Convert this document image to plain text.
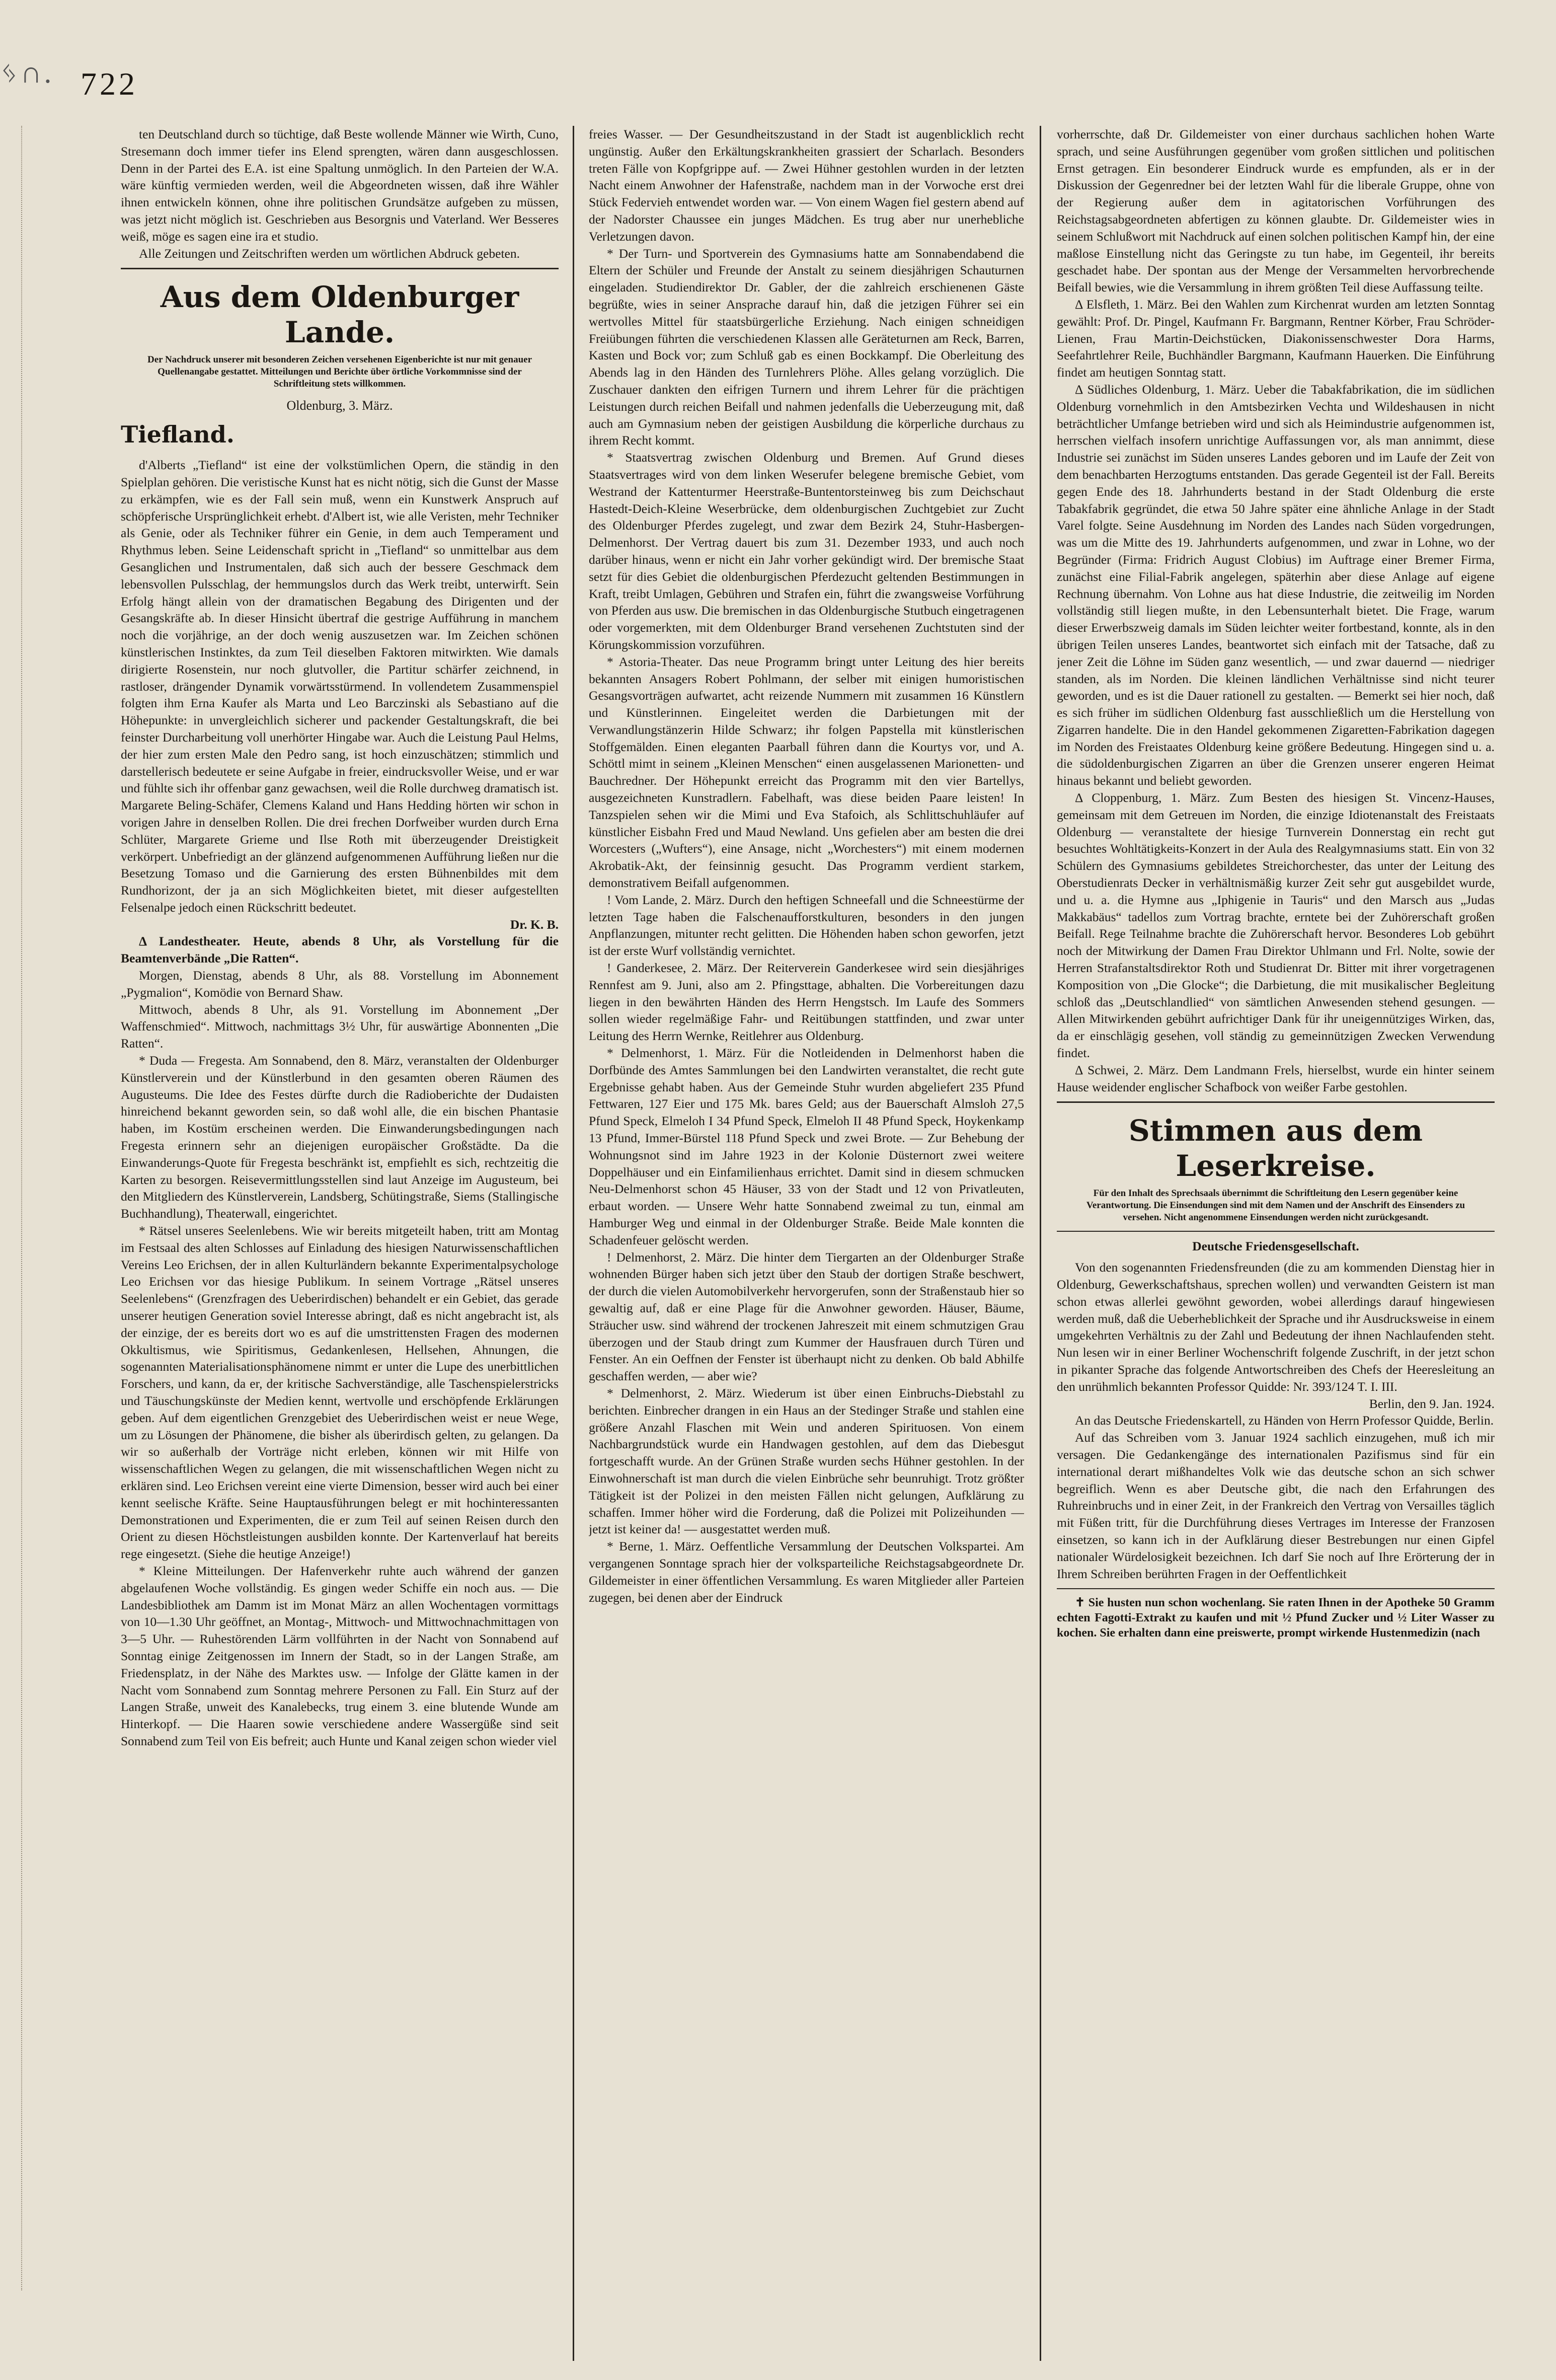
ᛃ∩. 722

ten Deutschland durch so tüchtige, daß Beste wollende Männer wie Wirth, Cuno, Stresemann doch immer tiefer ins Elend sprengten, wären dann ausgeschlossen. Denn in der Partei des E.A. ist eine Spaltung unmöglich. In den Parteien der W.A. wäre künftig vermieden werden, weil die Abgeordneten wissen, daß ihre Wähler ihnen entwickeln können, ohne ihre politischen Grundsätze aufgeben zu müssen, was jetzt nicht möglich ist. Geschrieben aus Besorgnis und Vaterland. Wer Besseres weiß, möge es sagen eine ira et studio.

Alle Zeitungen und Zeitschriften werden um wörtlichen Abdruck gebeten.

Aus dem Oldenburger Lande.
Der Nachdruck unserer mit besonderen Zeichen versehenen Eigenberichte ist nur mit genauer Quellenangabe gestattet. Mitteilungen und Berichte über örtliche Vorkommnisse sind der Schriftleitung stets willkommen.
Oldenburg, 3. März.
Tiefland.

d'Alberts „Tiefland“ ist eine der volkstümlichen Opern, die ständig in den Spielplan gehören. Die veristische Kunst hat es nicht nötig, sich die Gunst der Masse zu erkämpfen, wie es der Fall sein muß, wenn ein Kunstwerk Anspruch auf schöpferische Ursprünglichkeit erhebt. d'Albert ist, wie alle Veristen, mehr Techniker als Genie, oder als Techniker führer ein Genie, in dem auch Temperament und Rhythmus leben. Seine Leidenschaft spricht in „Tiefland“ so unmittelbar aus dem Gesanglichen und Instrumentalen, daß sich auch der bessere Geschmack dem lebensvollen Pulsschlag, der hemmungslos durch das Werk treibt, unterwirft. Sein Erfolg hängt allein von der dramatischen Begabung des Dirigenten und der Gesangskräfte ab. In dieser Hinsicht übertraf die gestrige Aufführung in manchem noch die vorjährige, an der doch wenig auszusetzen war. Im Zeichen schönen künstlerischen Instinktes, da zum Teil dieselben Faktoren mitwirkten. Wie damals dirigierte Rosenstein, nur noch glutvoller, die Partitur schärfer zeichnend, in rastloser, drängender Dynamik vorwärtsstürmend. In vollendetem Zusammenspiel folgten ihm Erna Kaufer als Marta und Leo Barczinski als Sebastiano auf die Höhepunkte: in unvergleichlich sicherer und packender Gestaltungskraft, die bei feinster Durcharbeitung voll unerhörter Hingabe war. Auch die Leistung Paul Helms, der hier zum ersten Male den Pedro sang, ist hoch einzuschätzen; stimmlich und darstellerisch bedeutete er seine Aufgabe in freier, eindrucksvoller Weise, und er war und fühlte sich ihr offenbar ganz gewachsen, weil die Rolle durchweg dramatisch ist. Margarete Beling-Schäfer, Clemens Kaland und Hans Hedding hörten wir schon in vorigen Jahre in denselben Rollen. Die drei frechen Dorfweiber wurden durch Erna Schlüter, Margarete Grieme und Ilse Roth mit überzeugender Dreistigkeit verkörpert. Unbefriedigt an der glänzend aufgenommenen Aufführung ließen nur die Besetzung Tomaso und die Garnierung des ersten Bühnenbildes mit dem Rundhorizont, der ja an sich Möglichkeiten bietet, mit dieser aufgestellten Felsenalpe jedoch einen Rückschritt bedeutet.

Dr. K. B.

Δ Landestheater. Heute, abends 8 Uhr, als Vorstellung für die Beamtenverbände „Die Ratten“.

Morgen, Dienstag, abends 8 Uhr, als 88. Vorstellung im Abonnement „Pygmalion“, Komödie von Bernard Shaw.

Mittwoch, abends 8 Uhr, als 91. Vorstellung im Abonnement „Der Waffenschmied“. Mittwoch, nachmittags 3½ Uhr, für auswärtige Abonnenten „Die Ratten“.

* Duda — Fregesta. Am Sonnabend, den 8. März, veranstalten der Oldenburger Künstlerverein und der Künstlerbund in den gesamten oberen Räumen des Augusteums. Die Idee des Festes dürfte durch die Radioberichte der Dudaisten hinreichend bekannt geworden sein, so daß wohl alle, die ein bischen Phantasie haben, im Kostüm erscheinen werden. Die Einwanderungsbedingungen nach Fregesta erinnern sehr an diejenigen europäischer Großstädte. Da die Einwanderungs-Quote für Fregesta beschränkt ist, empfiehlt es sich, rechtzeitig die Karten zu besorgen. Reisevermittlungsstellen sind laut Anzeige im Augusteum, bei den Mitgliedern des Künstlerverein, Landsberg, Schütingstraße, Siems (Stallingische Buchhandlung), Theaterwall, eingerichtet.

* Rätsel unseres Seelenlebens. Wie wir bereits mitgeteilt haben, tritt am Montag im Festsaal des alten Schlosses auf Einladung des hiesigen Naturwissenschaftlichen Vereins Leo Erichsen, der in allen Kulturländern bekannte Experimentalpsychologe Leo Erichsen vor das hiesige Publikum. In seinem Vortrage „Rätsel unseres Seelenlebens“ (Grenzfragen des Ueberirdischen) behandelt er ein Gebiet, das gerade unserer heutigen Generation soviel Interesse abringt, daß es nicht angebracht ist, als der einzige, der es bereits dort wo es auf die umstrittensten Fragen des modernen Okkultismus, wie Spiritismus, Gedankenlesen, Hellsehen, Ahnungen, die sogenannten Materialisationsphänomene nimmt er unter die Lupe des unerbittlichen Forschers, und kann, da er, der kritische Sachverständige, alle Taschenspielerstricks und Täuschungskünste der Medien kennt, wertvolle und erschöpfende Erklärungen geben. Auf dem eigentlichen Grenzgebiet des Ueberirdischen weist er neue Wege, um zu Lösungen der Phänomene, die bisher als überirdisch gelten, zu gelangen. Da wir so außerhalb der Vorträge nicht erleben, können wir mit Hilfe von wissenschaftlichen Wegen zu gelangen, die mit wissenschaftlichen Wegen nicht zu erklären sind. Leo Erichsen vereint eine vierte Dimension, besser wird auch bei einer kennt seelische Kräfte. Seine Hauptausführungen belegt er mit hochinteressanten Demonstrationen und Experimenten, die er zum Teil auf seinen Reisen durch den Orient zu diesen Höchstleistungen ausbilden konnte. Der Kartenverlauf hat bereits rege eingesetzt. (Siehe die heutige Anzeige!)

* Kleine Mitteilungen. Der Hafenverkehr ruhte auch während der ganzen abgelaufenen Woche vollständig. Es gingen weder Schiffe ein noch aus. — Die Landesbibliothek am Damm ist im Monat März an allen Wochentagen vormittags von 10—1.30 Uhr geöffnet, an Montag-, Mittwoch- und Mittwochnachmittagen von 3—5 Uhr. — Ruhestörenden Lärm vollführten in der Nacht von Sonnabend auf Sonntag einige Zeitgenossen im Innern der Stadt, so in der Langen Straße, am Friedensplatz, in der Nähe des Marktes usw. — Infolge der Glätte kamen in der Nacht vom Sonnabend zum Sonntag mehrere Personen zu Fall. Ein Sturz auf der Langen Straße, unweit des Kanalebecks, trug einem 3. eine blutende Wunde am Hinterkopf. — Die Haaren sowie verschiedene andere Wassergüße sind seit Sonnabend zum Teil von Eis befreit; auch Hunte und Kanal zeigen schon wieder viel

freies Wasser. — Der Gesundheitszustand in der Stadt ist augenblicklich recht ungünstig. Außer den Erkältungskrankheiten grassiert der Scharlach. Besonders treten Fälle von Kopfgrippe auf. — Zwei Hühner gestohlen wurden in der letzten Nacht einem Anwohner der Hafenstraße, nachdem man in der Vorwoche erst drei Stück Federvieh entwendet worden war. — Von einem Wagen fiel gestern abend auf der Nadorster Chaussee ein junges Mädchen. Es trug aber nur unerhebliche Verletzungen davon.

* Der Turn- und Sportverein des Gymnasiums hatte am Sonnabendabend die Eltern der Schüler und Freunde der Anstalt zu seinem diesjährigen Schauturnen eingeladen. Studiendirektor Dr. Gabler, der die zahlreich erschienenen Gäste begrüßte, wies in seiner Ansprache darauf hin, daß die jetzigen Führer sei ein wertvolles Mittel für staatsbürgerliche Erziehung. Nach einigen schneidigen Freiübungen führten die verschiedenen Klassen alle Geräteturnen am Reck, Barren, Kasten und Bock vor; zum Schluß gab es einen Bockkampf. Die Oberleitung des Abends lag in den Händen des Turnlehrers Plöhe. Alles gelang vorzüglich. Die Zuschauer dankten den eifrigen Turnern und ihrem Lehrer für die prächtigen Leistungen durch reichen Beifall und nahmen jedenfalls die Ueberzeugung mit, daß auch am Gymnasium neben der geistigen Ausbildung die körperliche durchaus zu ihrem Recht kommt.

* Staatsvertrag zwischen Oldenburg und Bremen. Auf Grund dieses Staatsvertrages wird von dem linken Weserufer belegene bremische Gebiet, vom Westrand der Kattenturmer Heerstraße-Buntentorsteinweg bis zum Deichschaut Hastedt-Deich-Kleine Weserbrücke, dem oldenburgischen Zuchtgebiet zur Zucht des Oldenburger Pferdes zugelegt, und zwar dem Bezirk 24, Stuhr-Hasbergen-Delmenhorst. Der Vertrag dauert bis zum 31. Dezember 1933, und auch noch darüber hinaus, wenn er nicht ein Jahr vorher gekündigt wird. Der bremische Staat setzt für dies Gebiet die oldenburgischen Pferdezucht geltenden Bestimmungen in Kraft, treibt Umlagen, Gebühren und Strafen ein, führt die zwangsweise Vorführung von Pferden aus usw. Die bremischen in das Oldenburgische Stutbuch eingetragenen oder vorgemerkten, mit dem Oldenburger Brand versehenen Zuchtstuten sind der Körungskommission vorzuführen.

* Astoria-Theater. Das neue Programm bringt unter Leitung des hier bereits bekannten Ansagers Robert Pohlmann, der selber mit einigen humoristischen Gesangsvorträgen aufwartet, acht reizende Nummern mit zusammen 16 Künstlern und Künstlerinnen. Eingeleitet werden die Darbietungen mit der Verwandlungstänzerin Hilde Schwarz; ihr folgen Papstella mit künstlerischen Stoffgemälden. Einen eleganten Paarball führen dann die Kourtys vor, und A. Schöttl mimt in seinem „Kleinen Menschen“ einen ausgelassenen Marionetten- und Bauchredner. Der Höhepunkt erreicht das Programm mit den vier Bartellys, ausgezeichneten Kunstradlern. Fabelhaft, was diese beiden Paare leisten! In Tanzspielen sehen wir die Mimi und Eva Stafoich, als Schlittschuhläufer auf künstlicher Eisbahn Fred und Maud Newland. Uns gefielen aber am besten die drei Worcesters („Wufters“), eine Ansage, nicht „Worchesters“) mit einem modernen Akrobatik-Akt, der feinsinnig gesucht. Das Programm verdient starkem, demonstrativem Beifall aufgenommen.

! Vom Lande, 2. März. Durch den heftigen Schneefall und die Schneestürme der letzten Tage haben die Falschenaufforstkulturen, besonders in den jungen Anpflanzungen, mitunter recht gelitten. Die Höhenden haben schon geworfen, jetzt ist der erste Wurf vollständig vernichtet.

! Ganderkesee, 2. März. Der Reiterverein Ganderkesee wird sein diesjähriges Rennfest am 9. Juni, also am 2. Pfingsttage, abhalten. Die Vorbereitungen dazu liegen in den bewährten Händen des Herrn Hengstsch. Im Laufe des Sommers sollen wieder regelmäßige Fahr- und Reitübungen stattfinden, und zwar unter Leitung des Herrn Wernke, Reitlehrer aus Oldenburg.

* Delmenhorst, 1. März. Für die Notleidenden in Delmenhorst haben die Dorfbünde des Amtes Sammlungen bei den Landwirten veranstaltet, die recht gute Ergebnisse gehabt haben. Aus der Gemeinde Stuhr wurden abgeliefert 235 Pfund Fettwaren, 127 Eier und 175 Mk. bares Geld; aus der Bauerschaft Almsloh 27,5 Pfund Speck, Elmeloh I 34 Pfund Speck, Elmeloh II 48 Pfund Speck, Hoykenkamp 13 Pfund, Immer-Bürstel 118 Pfund Speck und zwei Brote. — Zur Behebung der Wohnungsnot sind im Jahre 1923 in der Kolonie Düsternort zwei weitere Doppelhäuser und ein Einfamilienhaus errichtet. Damit sind in diesem schmucken Neu-Delmenhorst schon 45 Häuser, 33 von der Stadt und 12 von Privatleuten, erbaut worden. — Unsere Wehr hatte Sonnabend zweimal zu tun, einmal am Hamburger Weg und einmal in der Oldenburger Straße. Beide Male konnten die Schadenfeuer gelöscht werden.

! Delmenhorst, 2. März. Die hinter dem Tiergarten an der Oldenburger Straße wohnenden Bürger haben sich jetzt über den Staub der dortigen Straße beschwert, der durch die vielen Automobilverkehr hervorgerufen, sonn der Straßenstaub hier so gewaltig auf, daß er eine Plage für die Anwohner geworden. Häuser, Bäume, Sträucher usw. sind während der trockenen Jahreszeit mit einem schmutzigen Grau überzogen und der Staub dringt zum Kummer der Hausfrauen durch Türen und Fenster. An ein Oeffnen der Fenster ist überhaupt nicht zu denken. Ob bald Abhilfe geschaffen werden, — aber wie?

* Delmenhorst, 2. März. Wiederum ist über einen Einbruchs-Diebstahl zu berichten. Einbrecher drangen in ein Haus an der Stedinger Straße und stahlen eine größere Anzahl Flaschen mit Wein und anderen Spirituosen. Von einem Nachbargrundstück wurde ein Handwagen gestohlen, auf dem das Diebesgut fortgeschafft wurde. An der Grünen Straße wurden sechs Hühner gestohlen. In der Einwohnerschaft ist man durch die vielen Einbrüche sehr beunruhigt. Trotz größter Tätigkeit ist der Polizei in den meisten Fällen nicht gelungen, Aufklärung zu schaffen. Immer höher wird die Forderung, daß die Polizei mit Polizeihunden — jetzt ist keiner da! — ausgestattet werden muß.

* Berne, 1. März. Oeffentliche Versammlung der Deutschen Volkspartei. Am vergangenen Sonntage sprach hier der volksparteiliche Reichstagsabgeordnete Dr. Gildemeister in einer öffentlichen Versammlung. Es waren Mitglieder aller Parteien zugegen, bei denen aber der Eindruck

vorherrschte, daß Dr. Gildemeister von einer durchaus sachlichen hohen Warte sprach, und seine Ausführungen gegenüber vom großen sittlichen und politischen Ernst getragen. Ein besonderer Eindruck wurde es empfunden, als er in der Diskussion der Gegenredner bei der letzten Wahl für die liberale Gruppe, ohne von der Regierung außer dem in agitatorischen Vorführungen des Reichstagsabgeordneten abfertigen zu können glaubte. Dr. Gildemeister wies in seinem Schlußwort mit Nachdruck auf einen solchen politischen Kampf hin, der eine maßlose Einstellung nicht das Geringste zu tun habe, im Gegenteil, ihr bereits geschadet habe. Der spontan aus der Menge der Versammelten hervorbrechende Beifall bewies, wie die Versammlung in ihrem größten Teil diese Auffassung teilte.

Δ Elsfleth, 1. März. Bei den Wahlen zum Kirchenrat wurden am letzten Sonntag gewählt: Prof. Dr. Pingel, Kaufmann Fr. Bargmann, Rentner Körber, Frau Schröder-Lienen, Frau Martin-Deichstücken, Diakonissenschwester Dora Harms, Seefahrtlehrer Reile, Buchhändler Bargmann, Kaufmann Hauerken. Die Einführung findet am heutigen Sonntag statt.

Δ Südliches Oldenburg, 1. März. Ueber die Tabakfabrikation, die im südlichen Oldenburg vornehmlich in den Amtsbezirken Vechta und Wildeshausen in nicht beträchtlicher Umfange betrieben wird und sich als Heimindustrie aufgenommen ist, herrschen vielfach insofern unrichtige Auffassungen vor, als man annimmt, diese Industrie sei zunächst im Süden unseres Landes geboren und im Laufe der Zeit von dem benachbarten Herzogtums entstanden. Das gerade Gegenteil ist der Fall. Bereits gegen Ende des 18. Jahrhunderts bestand in der Stadt Oldenburg die erste Tabakfabrik gegründet, die etwa 50 Jahre später eine ähnliche Anlage in der Stadt Varel folgte. Seine Ausdehnung im Norden des Landes nach Süden vorgedrungen, was um die Mitte des 19. Jahrhunderts aufgenommen, und zwar in Lohne, wo der Begründer (Firma: Fridrich August Clobius) im Auftrage einer Bremer Firma, zunächst eine Filial-Fabrik angelegen, späterhin aber diese Anlage auf eigene Rechnung übernahm. Von Lohne aus hat diese Industrie, die zeitweilig im Norden vollständig still liegen mußte, in den Lebensunterhalt bietet. Die Frage, warum dieser Erwerbszweig damals im Süden leichter weiter fortbestand, konnte, als in den übrigen Teilen unseres Landes, beantwortet sich einfach mit der Tatsache, daß zu jener Zeit die Löhne im Süden ganz wesentlich, — und zwar dauernd — niedriger standen, als im Norden. Die kleinen ländlichen Verhältnisse sind nicht teurer geworden, und es ist die Dauer rationell zu gestalten. — Bemerkt sei hier noch, daß es sich früher im südlichen Oldenburg fast ausschließlich um die Herstellung von Zigarren handelte. Die in den Handel gekommenen Zigaretten-Fabrikation dagegen im Norden des Freistaates Oldenburg keine größere Bedeutung. Hingegen sind u. a. die südoldenburgischen Zigarren an über die Grenzen unserer engeren Heimat hinaus bekannt und beliebt geworden.

Δ Cloppenburg, 1. März. Zum Besten des hiesigen St. Vincenz-Hauses, gemeinsam mit dem Getreuen im Norden, die einzige Idiotenanstalt des Freistaats Oldenburg — veranstaltete der hiesige Turnverein Donnerstag ein recht gut besuchtes Wohltätigkeits-Konzert in der Aula des Realgymnasiums statt. Ein von 32 Schülern des Gymnasiums gebildetes Streichorchester, das unter der Leitung des Oberstudienrats Decker in verhältnismäßig kurzer Zeit sehr gut ausgebildet wurde, und u. a. die Hymne aus „Iphigenie in Tauris“ und den Marsch aus „Judas Makkabäus“ tadellos zum Vortrag brachte, erntete bei der Zuhörerschaft großen Beifall. Rege Teilnahme brachte die Zuhörerschaft hervor. Besonderes Lob gebührt noch der Mitwirkung der Damen Frau Direktor Uhlmann und Frl. Nolte, sowie der Herren Strafanstaltsdirektor Roth und Studienrat Dr. Bitter mit ihrer vorgetragenen Komposition von „Die Glocke“; die Darbietung, die mit musikalischer Begleitung schloß das „Deutschlandlied“ von sämtlichen Anwesenden stehend gesungen. — Allen Mitwirkenden gebührt aufrichtiger Dank für ihr uneigennütziges Wirken, das, da er einschlägig gesehen, voll ständig zu gemeinnützigen Zwecken Verwendung findet.

Δ Schwei, 2. März. Dem Landmann Frels, hierselbst, wurde ein hinter seinem Hause weidender englischer Schafbock von weißer Farbe gestohlen.

Stimmen aus dem Leserkreise.
Für den Inhalt des Sprechsaals übernimmt die Schriftleitung den Lesern gegenüber keine Verantwortung. Die Einsendungen sind mit dem Namen und der Anschrift des Einsenders zu versehen. Nicht angenommene Einsendungen werden nicht zurückgesandt.
Deutsche Friedensgesellschaft.

Von den sogenannten Friedensfreunden (die zu am kommenden Dienstag hier in Oldenburg, Gewerkschaftshaus, sprechen wollen) und verwandten Geistern ist man schon etwas allerlei gewöhnt geworden, wobei allerdings darauf hingewiesen werden muß, daß die Ueberheblichkeit der Sprache und ihr Ausdrucksweise in einem umgekehrten Verhältnis zu der Zahl und Bedeutung der ihnen Nachlaufenden steht. Nun lesen wir in einer Berliner Wochenschrift folgende Zuschrift, in der jetzt schon in pikanter Sprache das folgende Antwortschreiben des Chefs der Heeresleitung an den unrühmlich bekannten Professor Quidde: Nr. 393/124 T. I. III.

Berlin, den 9. Jan. 1924.

An das Deutsche Friedenskartell, zu Händen von Herrn Professor Quidde, Berlin.

Auf das Schreiben vom 3. Januar 1924 sachlich einzugehen, muß ich mir versagen. Die Gedankengänge des internationalen Pazifismus sind für ein international derart mißhandeltes Volk wie das deutsche schon an sich schwer begreiflich. Wenn es aber Deutsche gibt, die nach den Erfahrungen des Ruhreinbruchs und in einer Zeit, in der Frankreich den Vertrag von Versailles täglich mit Füßen tritt, für die Durchführung dieses Vertrages im Interesse der Franzosen einsetzen, so kann ich in der Aufklärung dieser Bestrebungen nur einen Gipfel nationaler Würdelosigkeit bezeichnen. Ich darf Sie noch auf Ihre Erörterung der in Ihrem Schreiben berührten Fragen in der Oeffentlichkeit

✝ Sie husten nun schon wochenlang. Sie raten Ihnen in der Apotheke 50 Gramm echten Fagotti-Extrakt zu kaufen und mit ½ Pfund Zucker und ½ Liter Wasser zu kochen. Sie erhalten dann eine preiswerte, prompt wirkende Hustenmedizin (nach
